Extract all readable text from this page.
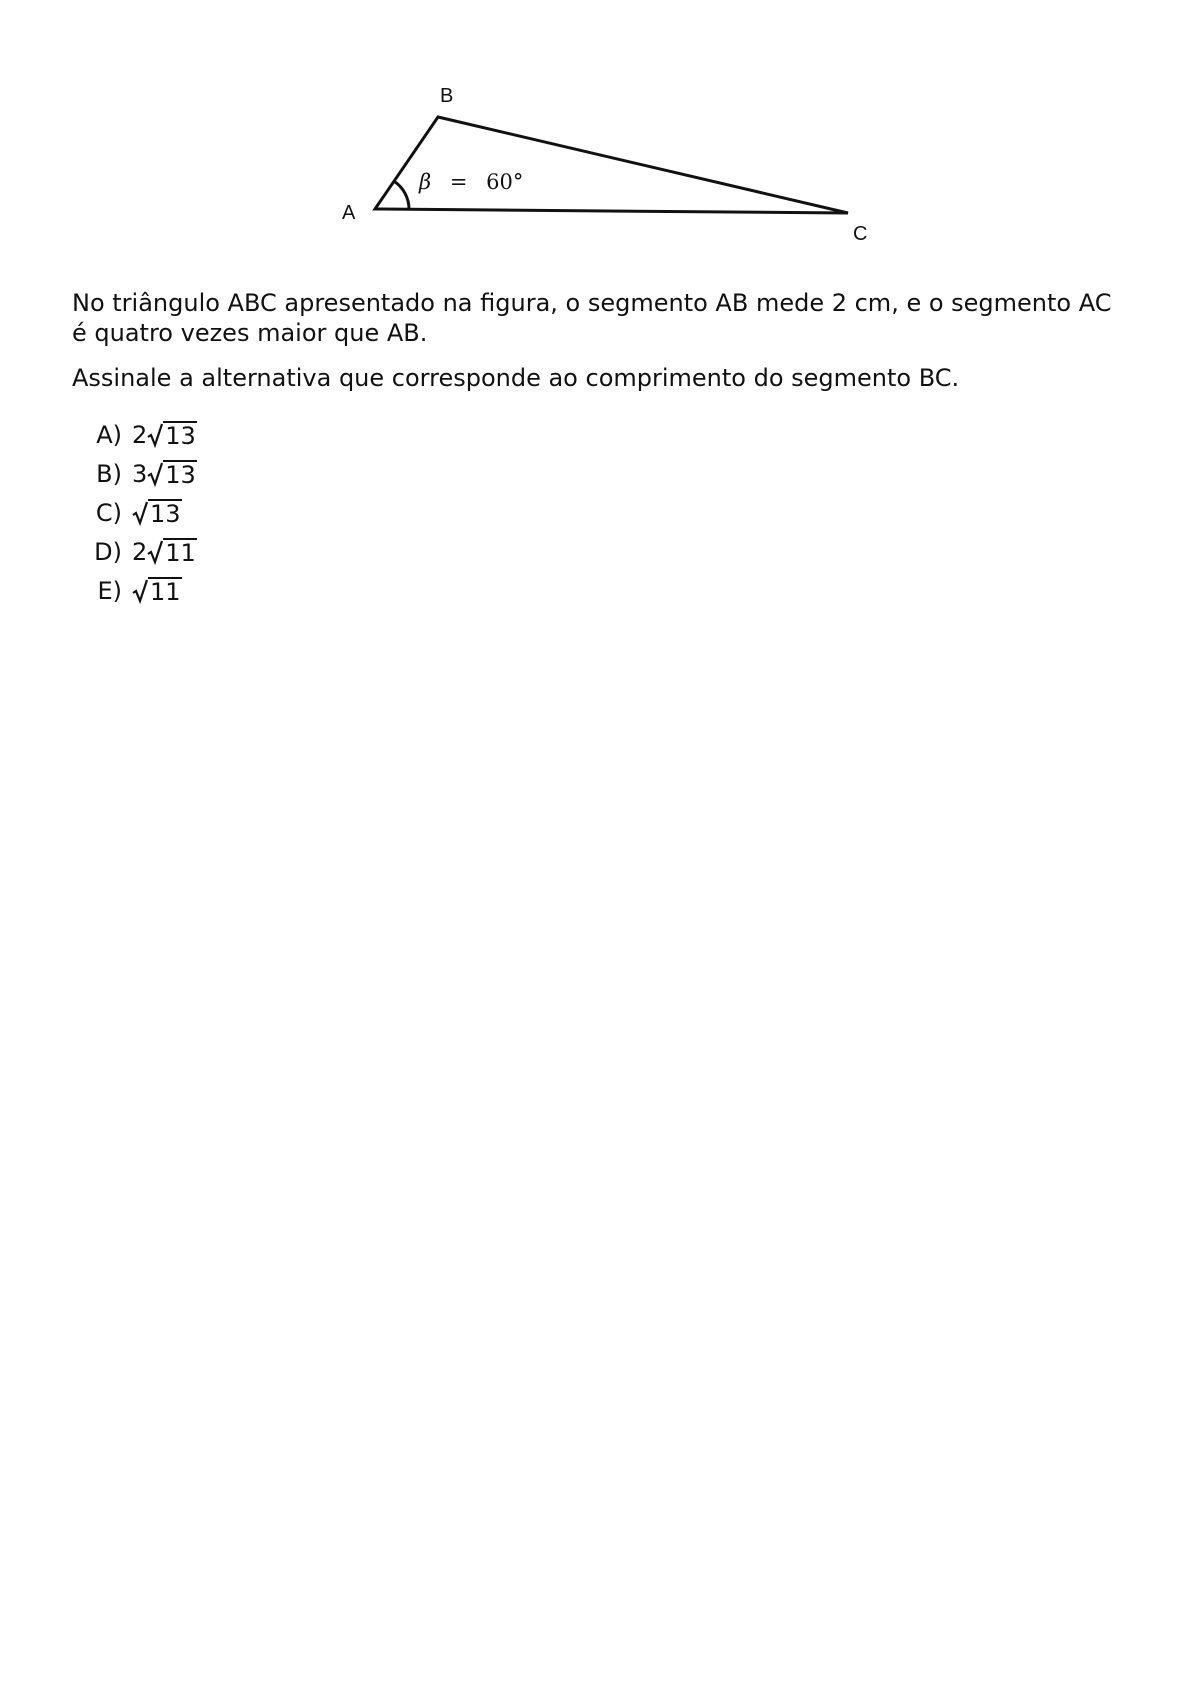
B
A
C
β = 60°

No triângulo ABC apresentado na figura, o segmento AB mede 2 cm, e o segmento AC é quatro vezes maior que AB.

Assinale a alternativa que corresponde ao comprimento do segmento BC.

A) 2 13
B) 3 13
C) 13
D) 2 11
E) 11
